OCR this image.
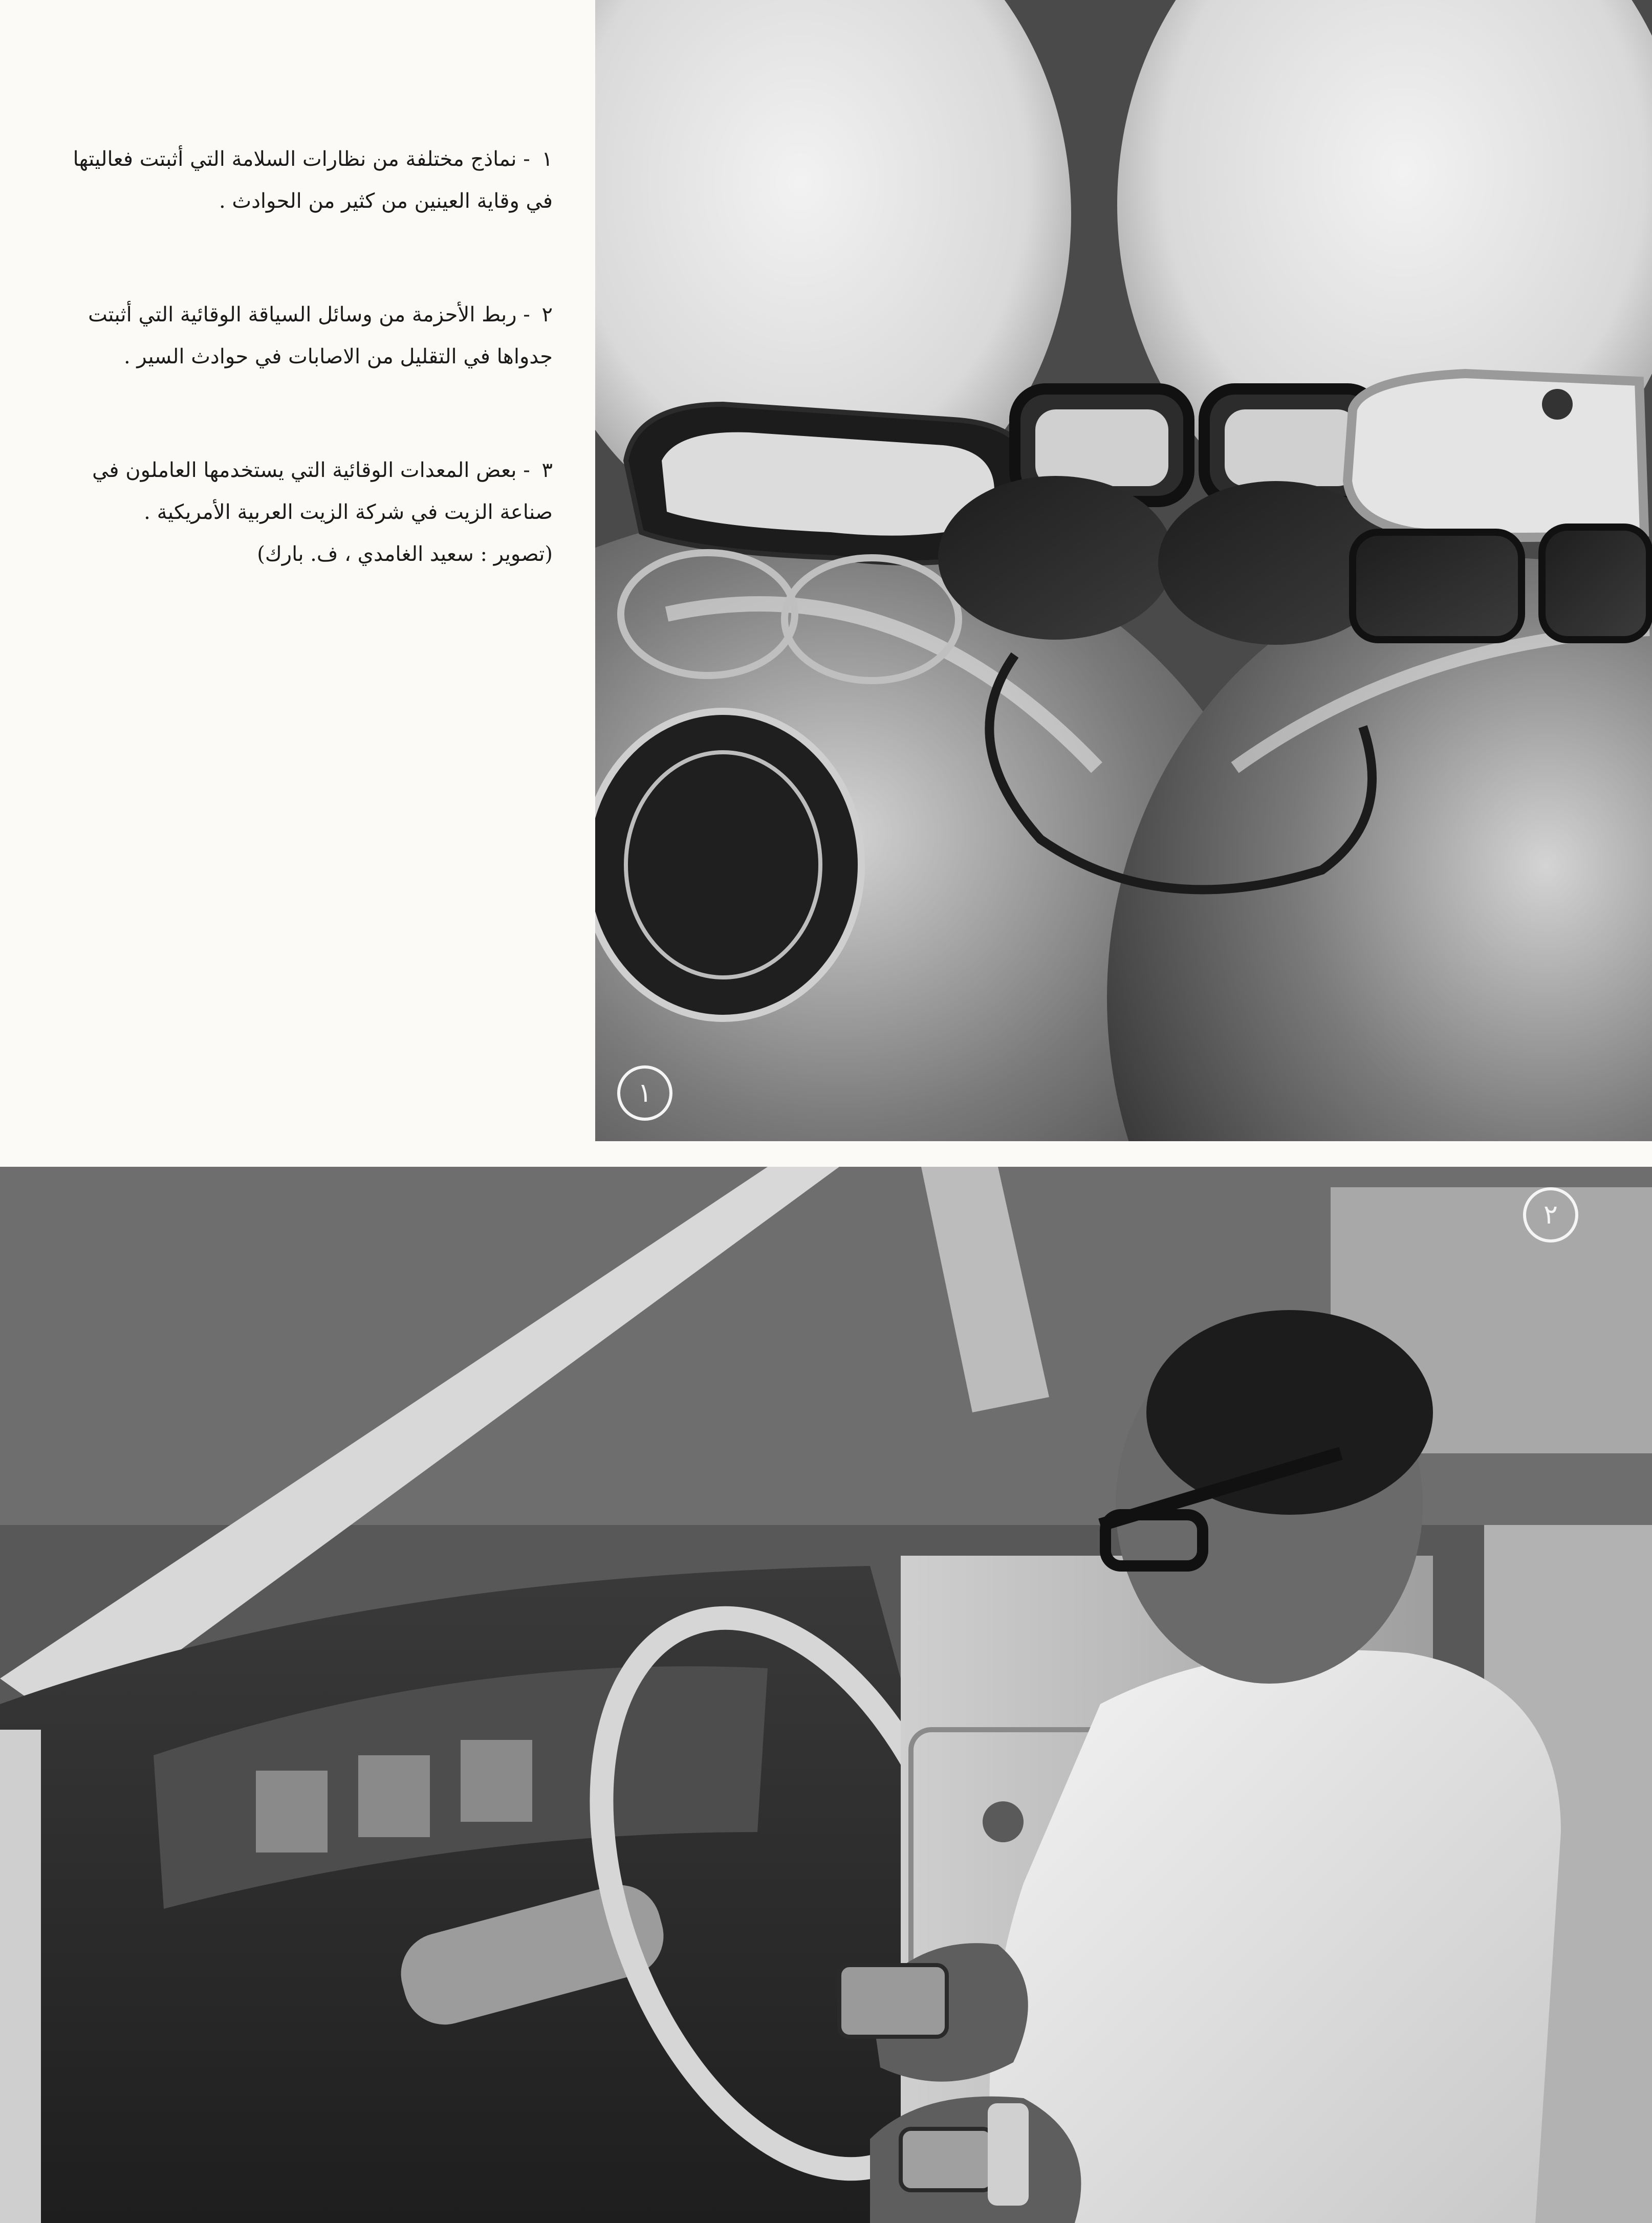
١ - نماذج مختلفة من نظارات السلامة التي أثبتت فعاليتها
في وقاية العينين من كثير من الحوادث .

٢ - ربط الأحزمة من وسائل السياقة الوقائية التي أثبتت
جدواها في التقليل من الاصابات في حوادث السير .

٣ - بعض المعدات الوقائية التي يستخدمها العاملون في
صناعة الزيت في شركة الزيت العربية الأمريكية .
(تصوير : سعيد الغامدي ، ف. بارك)

١
٢
